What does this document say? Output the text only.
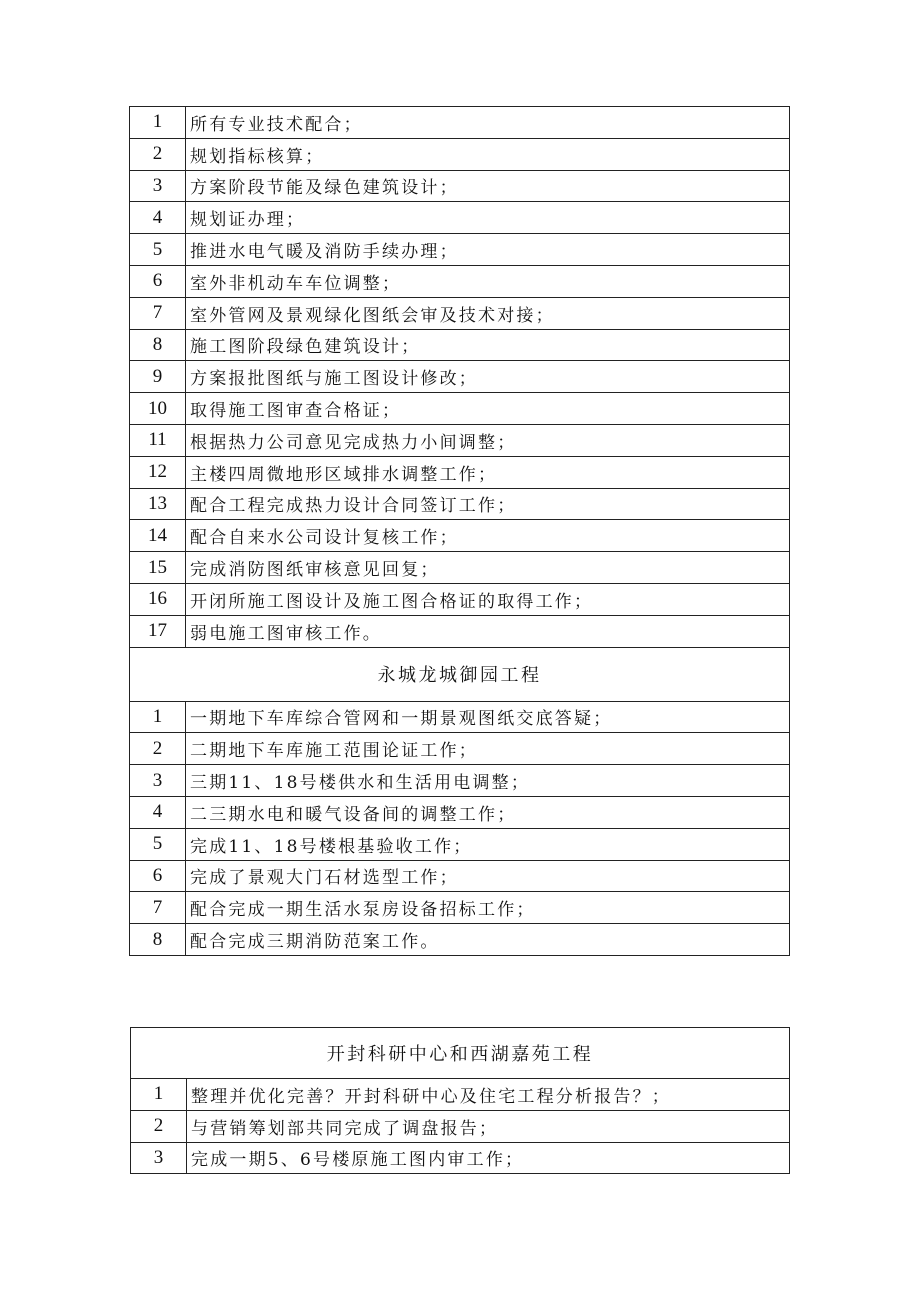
1	所有专业技术配合；
2	规划指标核算；
3	方案阶段节能及绿色建筑设计；
4	规划证办理；
5	推进水电气暖及消防手续办理；
6	室外非机动车车位调整；
7	室外管网及景观绿化图纸会审及技术对接；
8	施工图阶段绿色建筑设计；
9	方案报批图纸与施工图设计修改；
10	取得施工图审查合格证；
11	根据热力公司意见完成热力小间调整；
12	主楼四周微地形区域排水调整工作；
13	配合工程完成热力设计合同签订工作；
14	配合自来水公司设计复核工作；
15	完成消防图纸审核意见回复；
16	开闭所施工图设计及施工图合格证的取得工作；
17	弱电施工图审核工作。
永城龙城御园工程	
1	一期地下车库综合管网和一期景观图纸交底答疑；
2	二期地下车库施工范围论证工作；
3	三期11、18号楼供水和生活用电调整；
4	二三期水电和暖气设备间的调整工作；
5	完成11、18号楼根基验收工作；
6	完成了景观大门石材选型工作；
7	配合完成一期生活水泵房设备招标工作；
8	配合完成三期消防范案工作。
开封科研中心和西湖嘉苑工程	
1	整理并优化完善？开封科研中心及住宅工程分析报告？；
2	与营销筹划部共同完成了调盘报告；
3	完成一期5、6号楼原施工图内审工作；
